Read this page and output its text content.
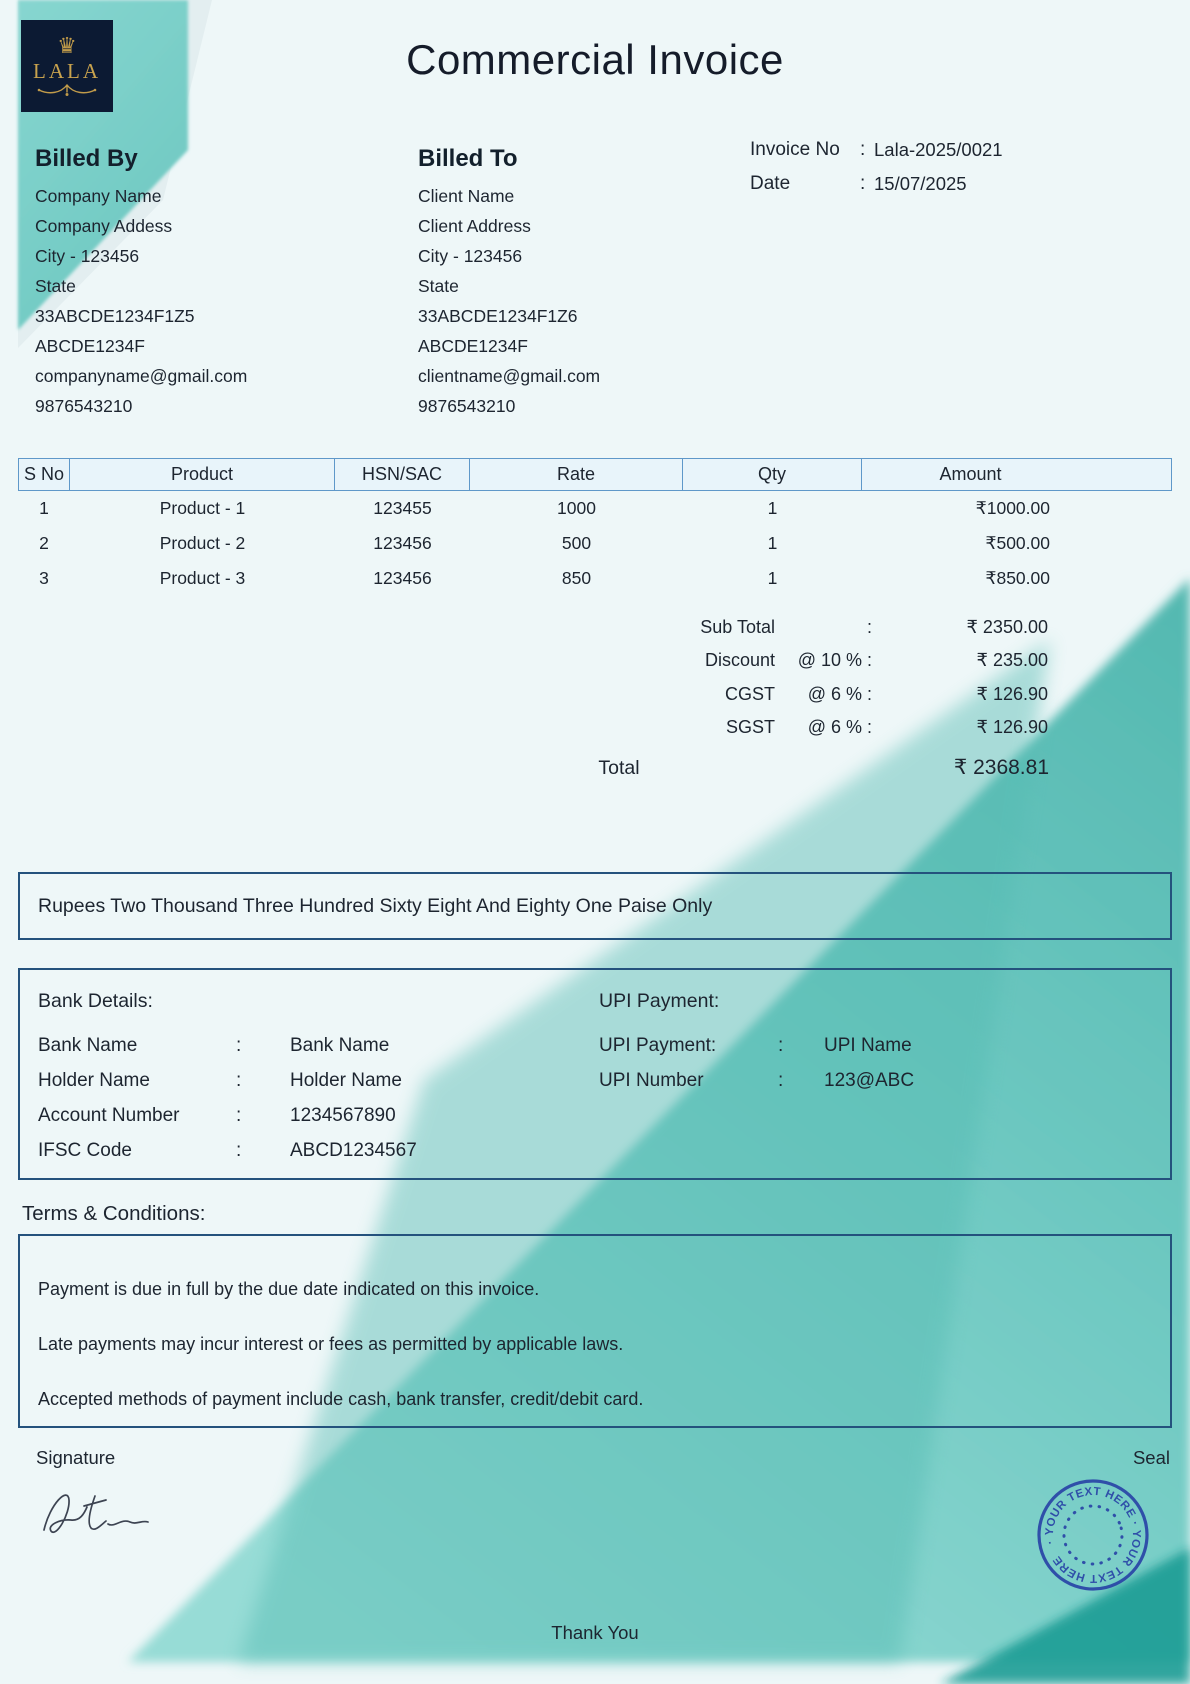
♛
LALA	Commercial Invoice
Billed By
Company Name
Company Addess
City - 123456
State
33ABCDE1234F1Z5
ABCDE1234F
companyname@gmail.com
9876543210
Billed To
Client Name
Client Address
City - 123456
State
33ABCDE1234F1Z6
ABCDE1234F
clientname@gmail.com
9876543210
Invoice No : Lala-2025/0021
Date	: 15/07/2025
S No	Product	HSN/SAC	Rate	Qty	Amount
1	Product - 1	123455	1000	1	₹1000.00
2	Product - 2	123456	500	1	₹500.00
3	Product - 3	123456	850	1	₹850.00
Total	₹ 2368.81
Sub Total	:	₹ 2350.00
Discount @ 10 % :	₹ 235.00
CGST @ 6 % :	₹ 126.90
SGST @ 6 % :	₹ 126.90
Rupees Two Thousand Three Hundred Sixty Eight And Eighty One Paise Only
Bank Details:	UPI Payment:
Bank Name	:	Bank Name
Holder Name	:	Holder Name
Account Number	:	1234567890
IFSC Code	:	ABCD1234567
UPI Payment:	: UPI Name
UPI Number	: 123@ABC
Terms & Conditions:
Payment is due in full by the due date indicated on this invoice.
Late payments may incur interest or fees as permitted by applicable laws.
Accepted methods of payment include cash, bank transfer, credit/debit card.
Signature	Seal
· YOUR TEXT HERE · YOUR TEXT HERE
Thank You
